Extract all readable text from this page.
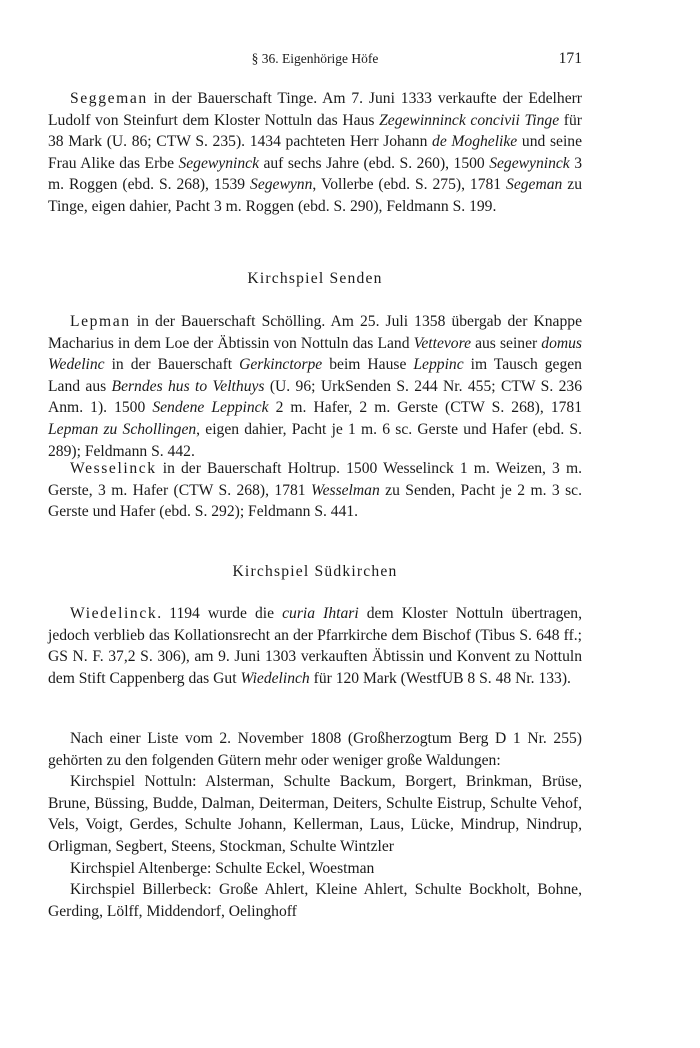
§ 36. Eigenhörige Höfe	171

Seggeman in der Bauerschaft Tinge. Am 7. Juni 1333 verkaufte der Edelherr Ludolf von Steinfurt dem Kloster Nottuln das Haus Zegewinninck concivii Tinge für 38 Mark (U. 86; CTW S. 235). 1434 pachteten Herr Johann de Moghelike und seine Frau Alike das Erbe Segewyninck auf sechs Jahre (ebd. S. 260), 1500 Segewyninck 3 m. Roggen (ebd. S. 268), 1539 Segewynn, Vollerbe (ebd. S. 275), 1781 Segeman zu Tinge, eigen dahier, Pacht 3 m. Roggen (ebd. S. 290), Feldmann S. 199.

Kirchspiel Senden

Lepman in der Bauerschaft Schölling. Am 25. Juli 1358 übergab der Knappe Macharius in dem Loe der Äbtissin von Nottuln das Land Vettevore aus seiner domus Wedelinc in der Bauerschaft Gerkinctorpe beim Hause Leppinc im Tausch gegen Land aus Berndes hus to Velthuys (U. 96; UrkSenden S. 244 Nr. 455; CTW S. 236 Anm. 1). 1500 Sendene Leppinck 2 m. Hafer, 2 m. Gerste (CTW S. 268), 1781 Lepman zu Schollingen, eigen dahier, Pacht je 1 m. 6 sc. Gerste und Hafer (ebd. S. 289); Feldmann S. 442.

Wesselinck in der Bauerschaft Holtrup. 1500 Wesselinck 1 m. Weizen, 3 m. Gerste, 3 m. Hafer (CTW S. 268), 1781 Wesselman zu Senden, Pacht je 2 m. 3 sc. Gerste und Hafer (ebd. S. 292); Feldmann S. 441.

Kirchspiel Südkirchen

Wiedelinck. 1194 wurde die curia Ihtari dem Kloster Nottuln übertragen, jedoch verblieb das Kollationsrecht an der Pfarrkirche dem Bischof (Tibus S. 648 ff.; GS N. F. 37,2 S. 306), am 9. Juni 1303 verkauften Äbtissin und Konvent zu Nottuln dem Stift Cappenberg das Gut Wiedelinch für 120 Mark (WestfUB 8 S. 48 Nr. 133).

Nach einer Liste vom 2. November 1808 (Großherzogtum Berg D 1 Nr. 255) gehörten zu den folgenden Gütern mehr oder weniger große Waldungen:

Kirchspiel Nottuln: Alsterman, Schulte Backum, Borgert, Brinkman, Brüse, Brune, Büssing, Budde, Dalman, Deiterman, Deiters, Schulte Eistrup, Schulte Vehof, Vels, Voigt, Gerdes, Schulte Johann, Kellerman, Laus, Lücke, Mindrup, Nindrup, Orligman, Segbert, Steens, Stockman, Schulte Wintzler

Kirchspiel Altenberge: Schulte Eckel, Woestman

Kirchspiel Billerbeck: Große Ahlert, Kleine Ahlert, Schulte Bockholt, Bohne, Gerding, Lölff, Middendorf, Oelinghoff
